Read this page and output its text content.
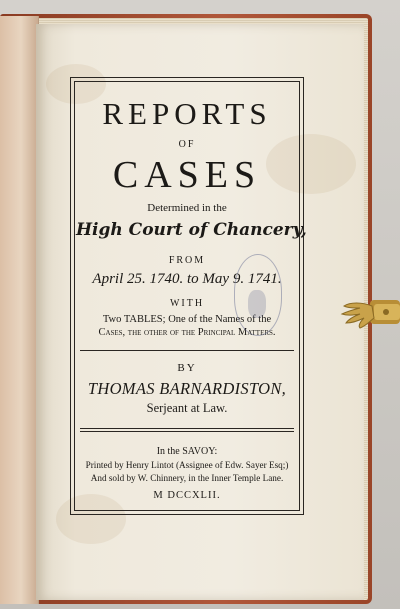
REPORTS
OF
CASES
Determined in the
High Court of Chancery,
FROM
April 25. 1740. to May 9. 1741.
WITH
Two TABLES; One of the Names of the
Cases, the other of the Principal Matters.
BY
THOMAS BARNARDISTON,
Serjeant at Law.
In the SAVOY:
Printed by Henry Lintot (Assignee of Edw. Sayer Esq;)
And sold by W. Chinnery, in the Inner Temple Lane.
M DCCXLII.
